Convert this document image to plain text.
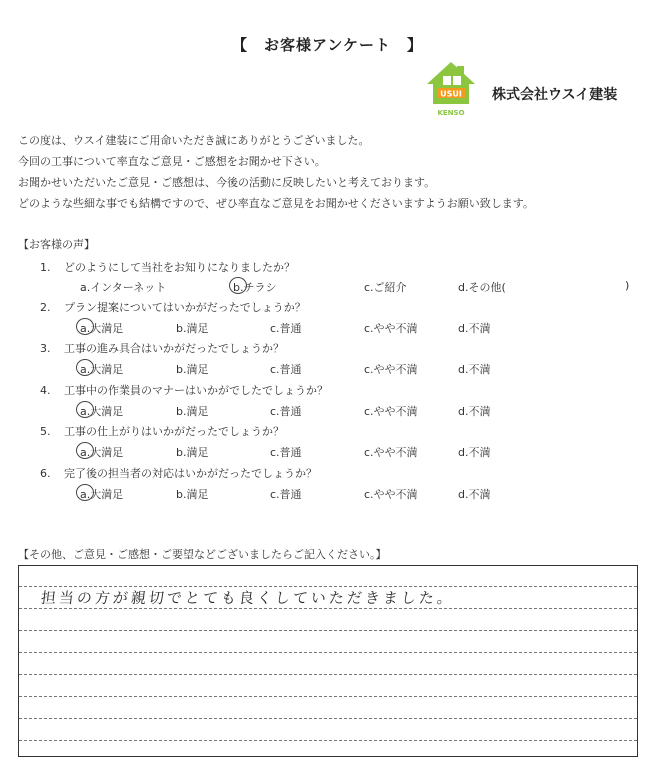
【　お客様アンケート　】
USUI
KENSO
株式会社ウスイ建装
この度は、ウスイ建装にご用命いただき誠にありがとうございました。
今回の工事について率直なご意見・ご感想をお聞かせ下さい。
お聞かせいただいたご意見・ご感想は、今後の活動に反映したいと考えております。
どのような些細な事でも結構ですので、ぜひ率直なご意見をお聞かせくださいますようお願い致します。
【お客様の声】
1. どのようにして当社をお知りになりましたか？
a.インターネット	b.チラシ	c.ご紹介	d.その他(	)
2. プラン提案についてはいかがだったでしょうか？
a.大満足	b.満足	c.普通	c.やや不満	d.不満
3. 工事の進み具合はいかがだったでしょうか？
a.大満足	b.満足	c.普通	c.やや不満	d.不満
4. 工事中の作業員のマナーはいかがでしたでしょうか？
a.大満足	b.満足	c.普通	c.やや不満	d.不満
5. 工事の仕上がりはいかがだったでしょうか？
a.大満足	b.満足	c.普通	c.やや不満	d.不満
6. 完了後の担当者の対応はいかがだったでしょうか？
a.大満足	b.満足	c.普通	c.やや不満	d.不満
【その他、ご意見・ご感想・ご要望などございましたらご記入ください。】
担当の方が親切でとても良くしていただきました。
